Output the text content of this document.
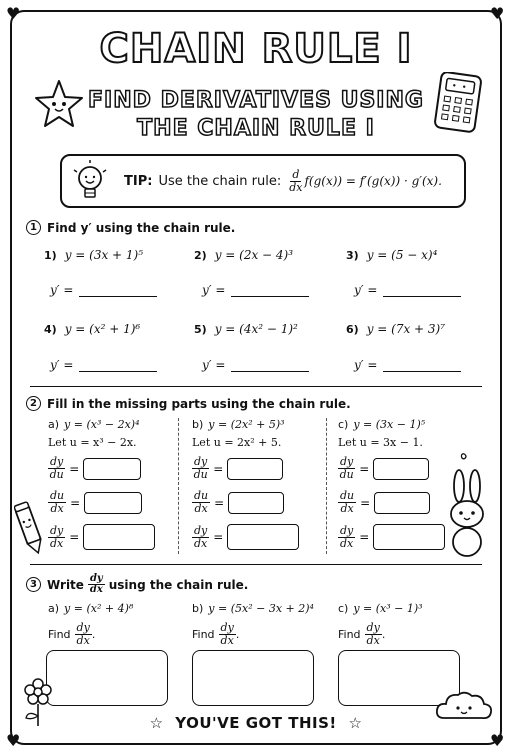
♥	♥
♥	♥
CHAIN RULE I
FIND DERIVATIVES USING
THE CHAIN RULE I
TIP: Use the chain rule: $\frac{d}{dx} f(g(x)) = f'(g(x)) \cdot g'(x)$.
1 Find y′ using the chain rule.
1) y = (3x + 1)⁵	2) y = (2x − 4)³	3) y = (5 − x)⁴
y′ =	y′ =	y′ =
4) y = (x² + 1)⁶	5) y = (4x² − 1)²	6) y = (7x + 3)⁷
y′ =	y′ =	y′ =
2 Fill in the missing parts using the chain rule.
a) y = (x³ − 2x)⁴
Let u = x³ − 2x.
$\frac{dy}{du}$ =
$\frac{du}{dx}$ =
$\frac{dy}{dx}$ =
b) y = (2x² + 5)³
Let u = 2x² + 5.
$\frac{dy}{du}$ =
$\frac{du}{dx}$ =
$\frac{dy}{dx}$ =
c) y = (3x − 1)⁵
Let u = 3x − 1.
$\frac{dy}{du}$ =
$\frac{du}{dx}$ =
$\frac{dy}{dx}$ =
3 Write $\frac{dy}{dx}$ using the chain rule.
a) y = (x² + 4)⁸	b) y = (5x² − 3x + 2)⁴ c) y = (x³ − 1)³
Find $\frac{dy}{dx}$ .	Find $\frac{dy}{dx}$ .	Find $\frac{dy}{dx}$ .
☆ YOU'VE GOT THIS! ☆
